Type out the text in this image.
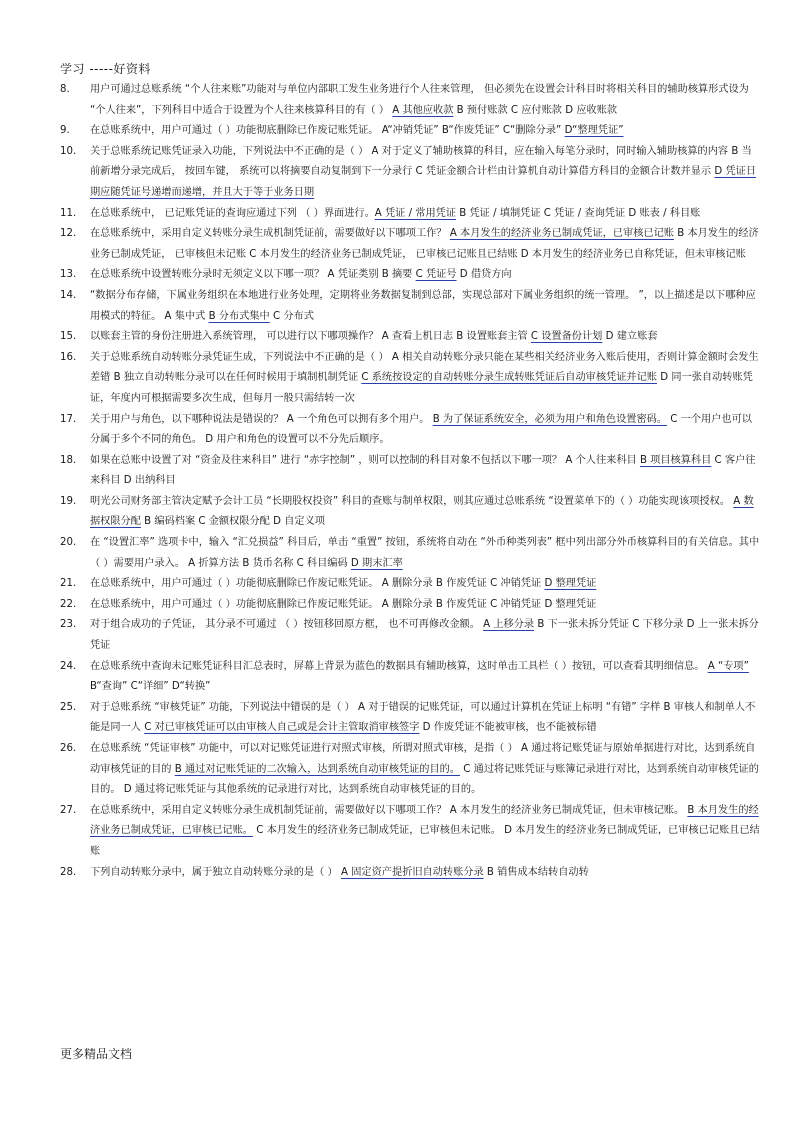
学习 -----好资料
8.	用户可通过总账系统 “个人往来账”功能对与单位内部职工发生业务进行个人往来管理， 但必须先在设置会计科目时将相关科目的辅助核算形式设为 “个人往来”，下列科目中适合于设置为个人往来核算科目的有（ ） A 其他应收款 B 预付账款 C 应付账款 D 应收账款
9.	在总账系统中，用户可通过（ ）功能彻底删除已作废记账凭证。 A“冲销凭证” B“作废凭证” C“删除分录” D“整理凭证”
10.	关于总账系统记账凭证录入功能，下列说法中不正确的是（ ） A 对于定义了辅助核算的科目，应在输入每笔分录时，同时输入辅助核算的内容 B 当前新增分录完成后， 按回车键， 系统可以将摘要自动复制到下一分录行 C 凭证金额合计栏由计算机自动计算借方科目的金额合计数并显示 D 凭证日期应随凭证号递增而递增，并且大于等于业务日期
11.	在总账系统中， 已记账凭证的查询应通过下列 （ ）界面进行。A 凭证 / 常用凭证 B 凭证 / 填制凭证 C 凭证 / 查询凭证 D 账表 / 科目账
12.	在总账系统中，采用自定义转账分录生成机制凭证前，需要做好以下哪项工作？ A 本月发生的经济业务已制成凭证，已审核已记账 B 本月发生的经济业务已制成凭证， 已审核但未记账 C 本月发生的经济业务已制成凭证， 已审核已记账且已结账 D 本月发生的经济业务已自称凭证，但未审核记账
13.	在总账系统中设置转账分录时无须定义以下哪一项？ A 凭证类别 B 摘要 C 凭证号 D 借贷方向
14.	“数据分布存储，下属业务组织在本地进行业务处理，定期将业务数据复制到总部，实现总部对下属业务组织的统一管理。 ”，以上描述是以下哪种应用模式的特征。 A 集中式 B 分布式集中 C 分布式
15.	以账套主管的身份注册进入系统管理， 可以进行以下哪项操作？ A 查看上机日志 B 设置账套主管 C 设置备份计划 D 建立账套
16.	关于总账系统自动转账分录凭证生成，下列说法中不正确的是（ ） A 相关自动转账分录只能在某些相关经济业务入账后使用，否则计算金额时会发生差错 B 独立自动转账分录可以在任何时候用于填制机制凭证 C 系统按设定的自动转账分录生成转账凭证后自动审核凭证并记账 D 同一张自动转账凭证，年度内可根据需要多次生成，但每月一般只需结转一次
17.	关于用户与角色，以下哪种说法是错误的？ A 一个角色可以拥有多个用户。 B 为了保证系统安全，必须为用户和角色设置密码。 C 一个用户也可以分属于多个不同的角色。 D 用户和角色的设置可以不分先后顺序。
18.	如果在总账中设置了对 “资金及往来科目” 进行 “赤字控制” ，则可以控制的科目对象不包括以下哪一项？ A 个人往来科目 B 项目核算科目 C 客户往来科目 D 出纳科目
19.	明光公司财务部主管决定赋予会计工员 “长期股权投资” 科目的查账与制单权限，则其应通过总账系统 “设置菜单下的（ ）功能实现该项授权。 A 数据权限分配 B 编码档案 C 金额权限分配 D 自定义项
20.	在 “设置汇率” 选项卡中，输入 “汇兑损益” 科目后，单击 “重置” 按钮，系统将自动在 “外币种类列表” 框中列出部分外币核算科目的有关信息。其中（ ）需要用户录入。 A 折算方法 B 货币名称 C 科目编码 D 期末汇率
21.	在总账系统中，用户可通过（ ）功能彻底删除已作废记账凭证。 A 删除分录 B 作废凭证 C 冲销凭证 D 整理凭证
22.	在总账系统中，用户可通过（ ）功能彻底删除已作废记账凭证。 A 删除分录 B 作废凭证 C 冲销凭证 D 整理凭证
23.	对于组合成功的子凭证， 其分录不可通过 （ ）按钮移回原方框， 也不可再修改金额。 A 上移分录 B 下一张未拆分凭证 C 下移分录 D 上一张未拆分凭证
24.	在总账系统中查询未记账凭证科目汇总表时，屏幕上背景为蓝色的数据具有辅助核算，这时单击工具栏（ ）按钮，可以查看其明细信息。 A “专项” B“查询” C“详细” D“转换”
25.	对于总账系统 “审核凭证” 功能，下列说法中错误的是（ ） A 对于错误的记账凭证，可以通过计算机在凭证上标明 “有错” 字样 B 审核人和制单人不能是同一人 C 对已审核凭证可以由审核人自己或是会计主管取消审核签字 D 作废凭证不能被审核，也不能被标错
26.	在总账系统 “凭证审核” 功能中，可以对记账凭证进行对照式审核，所谓对照式审核，是指（ ） A 通过将记账凭证与原始单据进行对比，达到系统自动审核凭证的目的 B 通过对记账凭证的二次输入，达到系统自动审核凭证的目的。 C 通过将记账凭证与账簿记录进行对比，达到系统自动审核凭证的目的。 D 通过将记账凭证与其他系统的记录进行对比，达到系统自动审核凭证的目的。
27.	在总账系统中，采用自定义转账分录生成机制凭证前，需要做好以下哪项工作？ A 本月发生的经济业务已制成凭证，但未审核记账。 B 本月发生的经济业务已制成凭证，已审核已记账。 C 本月发生的经济业务已制成凭证，已审核但未记账。 D 本月发生的经济业务已制成凭证，已审核已记账且已结账
28.	下列自动转账分录中，属于独立自动转账分录的是（ ） A 固定资产提折旧自动转账分录 B 销售成本结转自动转
更多精品文档
